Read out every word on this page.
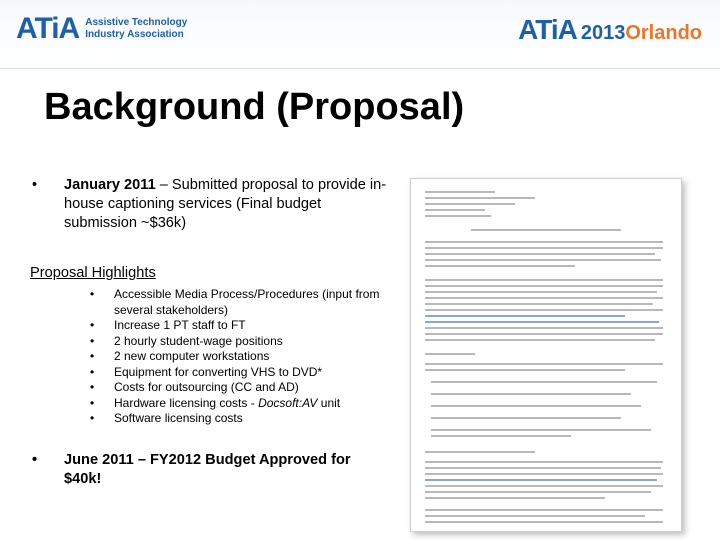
ATiA Assistive Technology
Industry Association	ATiA 2013 Orlando
Background (Proposal)
• January 2011 – Submitted proposal to provide in-house captioning services (Final budget submission ~$36k)
Proposal Highlights
• Accessible Media Process/Procedures (input from several stakeholders)
• Increase 1 PT staff to FT
• 2 hourly student-wage positions
• 2 new computer workstations
• Equipment for converting VHS to DVD*
• Costs for outsourcing (CC and AD)
• Hardware licensing costs - Docsoft:AV unit
• Software licensing costs
• June 2011 – FY2012 Budget Approved for $40k!
